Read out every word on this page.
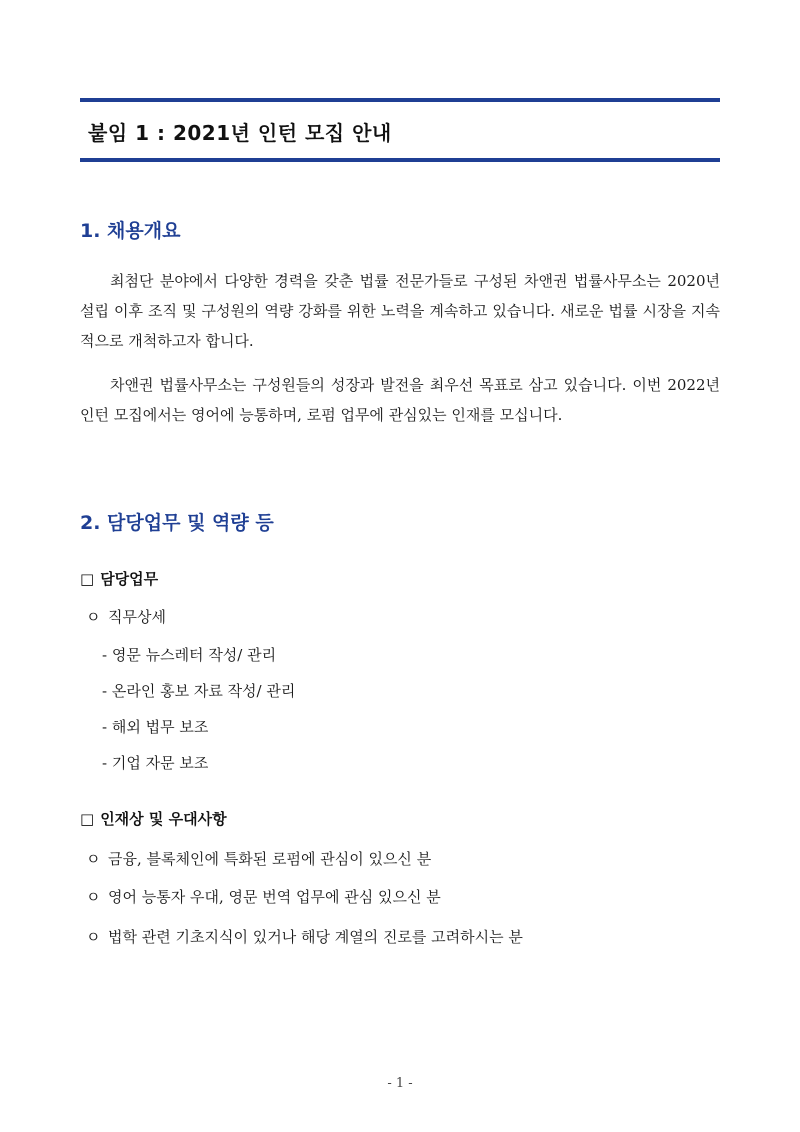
붙임 1 : 2021년 인턴 모집 안내
1. 채용개요

최첨단 분야에서 다양한 경력을 갖춘 법률 전문가들로 구성된 차앤권 법률사무소는 2020년 설립 이후 조직 및 구성원의 역량 강화를 위한 노력을 계속하고 있습니다. 새로운 법률 시장을 지속적으로 개척하고자 합니다.

차앤권 법률사무소는 구성원들의 성장과 발전을 최우선 목표로 삼고 있습니다. 이번 2022년 인턴 모집에서는 영어에 능통하며, 로펌 업무에 관심있는 인재를 모십니다.

2. 담당업무 및 역량 등
□ 담당업무
ㅇ 직무상세
- 영문 뉴스레터 작성/ 관리
- 온라인 홍보 자료 작성/ 관리
- 해외 법무 보조
- 기업 자문 보조
□ 인재상 및 우대사항
ㅇ 금융, 블록체인에 특화된 로펌에 관심이 있으신 분
ㅇ 영어 능통자 우대, 영문 번역 업무에 관심 있으신 분
ㅇ 법학 관련 기초지식이 있거나 해당 계열의 진로를 고려하시는 분
- 1 -
